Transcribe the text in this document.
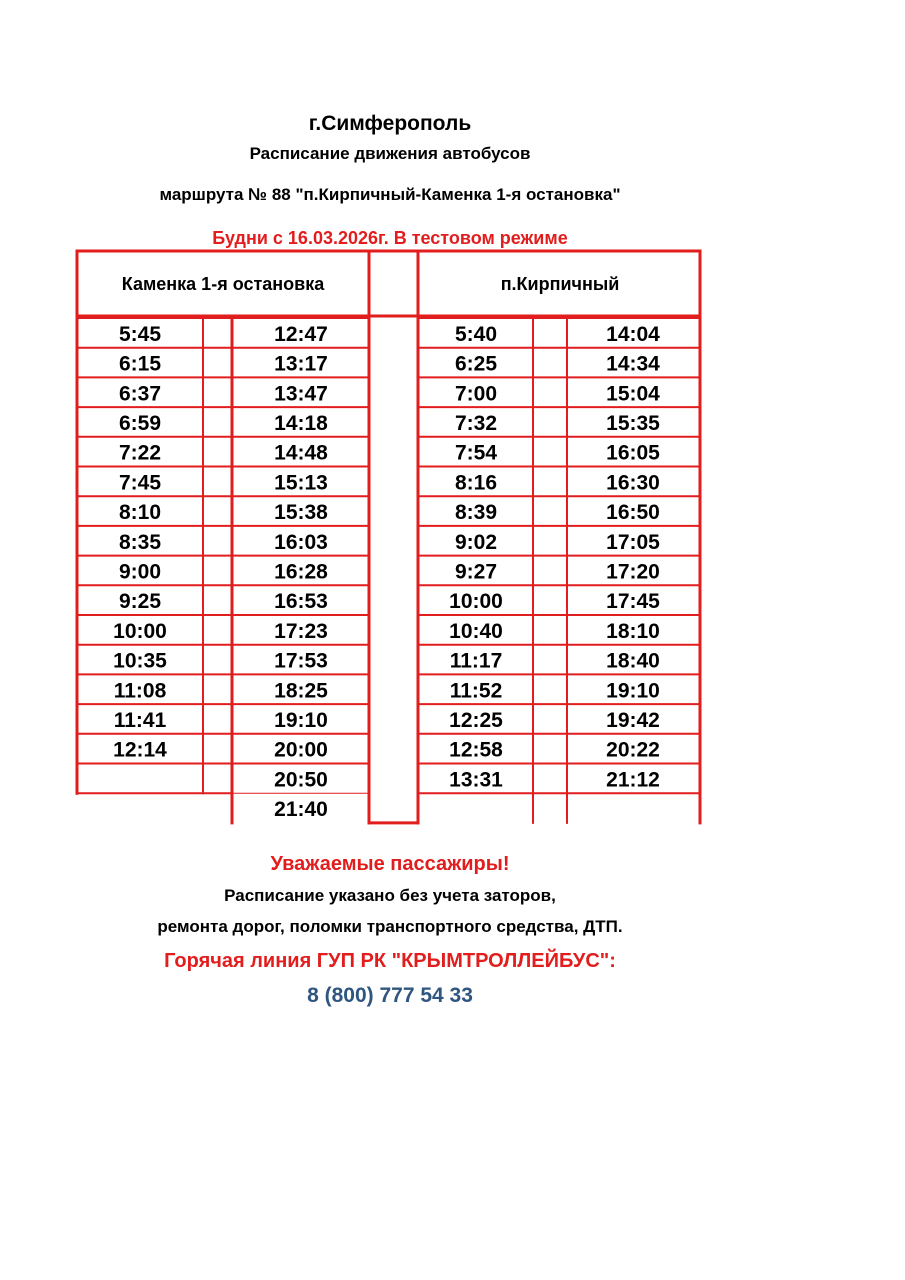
г.Симферополь
Расписание движения автобусов
маршрута № 88 "п.Кирпичный-Каменка 1-я остановка"
Будни с 16.03.2026г. В тестовом режиме
5:45
6:15
6:37
6:59
7:22
7:45
8:10
8:35
9:00
9:25
10:00
10:35
11:08
11:41
12:14
12:47
13:17
13:47
14:18
14:48
15:13
15:38
16:03
16:28
16:53
17:23
17:53
18:25
19:10
20:00
20:50
21:40
5:40
6:25
7:00
7:32
7:54
8:16
8:39
9:02
9:27
10:00
10:40
11:17
11:52
12:25
12:58
13:31
14:04
14:34
15:04
15:35
16:05
16:30
16:50
17:05
17:20
17:45
18:10
18:40
19:10
19:42
20:22
21:12
Каменка 1-я остановка	п.Кирпичный
Уважаемые пассажиры!
Расписание указано без учета заторов,
ремонта дорог, поломки транспортного средства, ДТП.
Горячая линия ГУП РК "КРЫМТРОЛЛЕЙБУС":
8 (800) 777 54 33
